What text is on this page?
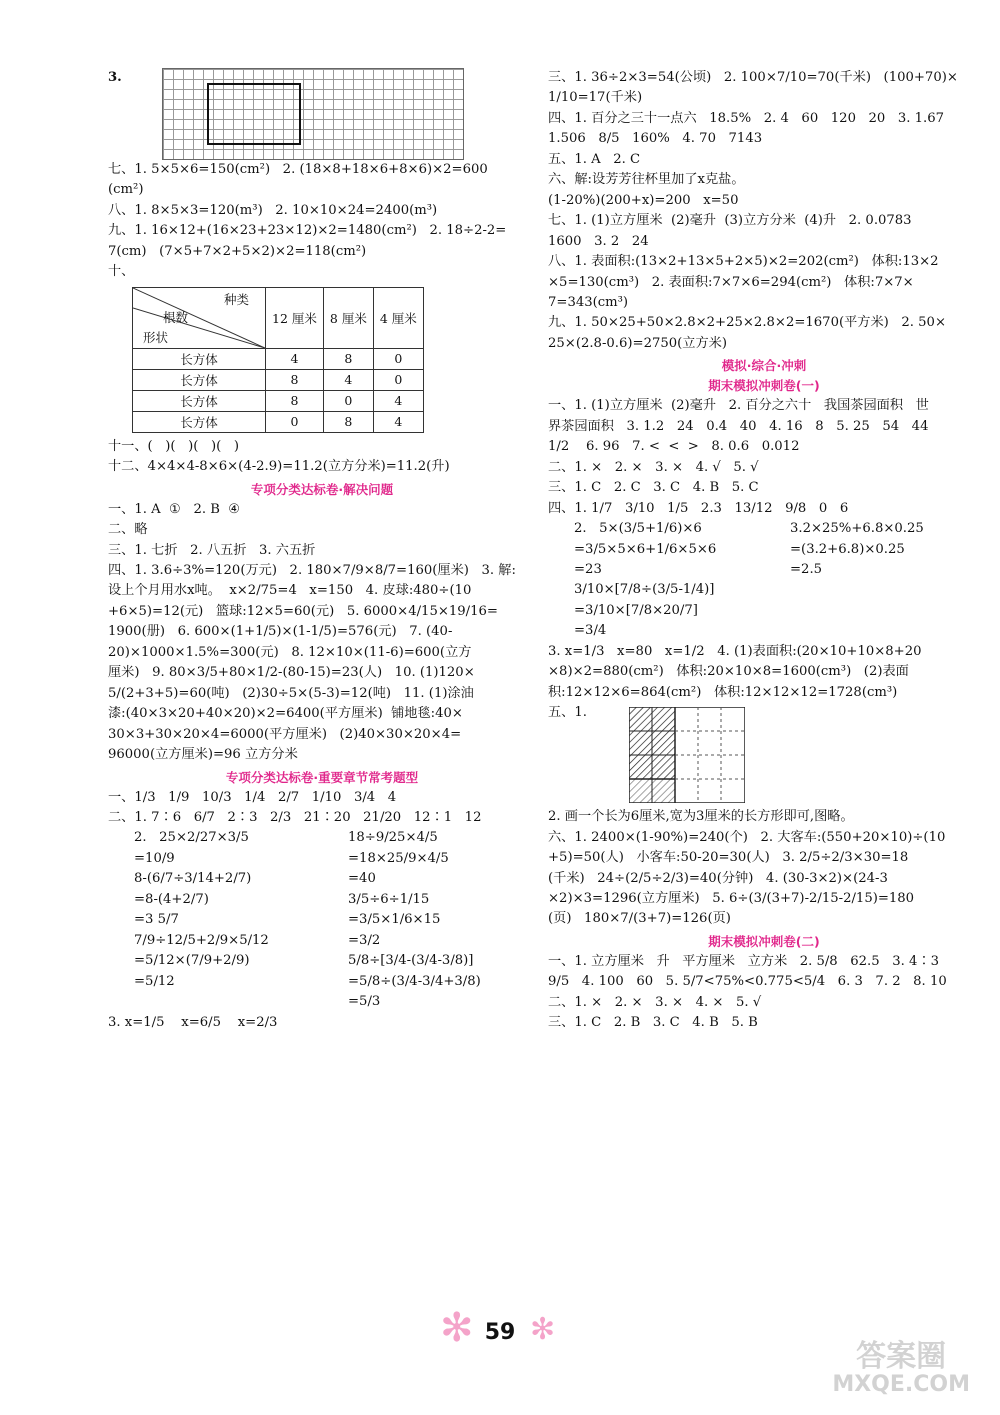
3.

七、1. 5×5×6=150(cm²)   2. (18×8+18×6+8×6)×2=600

(cm²)

八、1. 8×5×3=120(m³)   2. 10×10×24=2400(m³)

九、1. 16×12+(16×23+23×12)×2=1480(cm²)   2. 18÷2-2=

7(cm)   (7×5+7×2+5×2)×2=118(cm²)

十、

种类
根数
形状	12 厘米	8 厘米	4 厘米
长方体	4	8	0
长方体	8	4	0
长方体	8	0	4
长方体	0	8	4

十一、(   )(   )(   )(   )

十二、4×4×4-8×6×(4-2.9)=11.2(立方分米)=11.2(升)

专项分类达标卷·解决问题

一、1. A  ①   2. B  ④

二、略

三、1. 七折   2. 八五折   3. 六五折

四、1. 3.6÷3%=120(万元)   2. 180×7/9×8/7=160(厘米)   3. 解:

设上个月用水x吨。  x×2/75=4   x=150   4. 皮球:480÷(10

+6×5)=12(元)   篮球:12×5=60(元)   5. 6000×4/15×19/16=

1900(册)   6. 600×(1+1/5)×(1-1/5)=576(元)   7. (40-

20)×1000×1.5%=300(元)   8. 12×10×(11-6)=600(立方

厘米)   9. 80×3/5+80×1/2-(80-15)=23(人)   10. (1)120×

5/(2+3+5)=60(吨)   (2)30÷5×(5-3)=12(吨)   11. (1)涂油

漆:(40×3×20+40×20)×2=6400(平方厘米)  铺地毯:40×

30×3+30×20×4=6000(平方厘米)   (2)40×30×20×4=

96000(立方厘米)=96 立方分米

专项分类达标卷·重要章节常考题型

一、1/3   1/9   10/3   1/4   2/7   1/10   3/4   4

二、1. 7∶6   6/7   2∶3   2/3   21∶20   21/20   12∶1   12

2.   25×2/27×3/5

=10/9

8-(6/7÷3/14+2/7)

=8-(4+2/7)

=3 5/7

7/9÷12/5+2/9×5/12

=5/12×(7/9+2/9)

=5/12

18÷9/25×4/5

=18×25/9×4/5

=40

3/5÷6÷1/15

=3/5×1/6×15

=3/2

5/8÷[3/4-(3/4-3/8)]

=5/8÷(3/4-3/4+3/8)

=5/3

3. x=1/5    x=6/5    x=2/3

三、1. 36÷2×3=54(公顷)   2. 100×7/10=70(千米)   (100+70)×

1/10=17(千米)

四、1. 百分之三十一点六   18.5%   2. 4   60   120   20   3. 1.67

1.506   8/5   160%   4. 70   7143

五、1. A   2. C

六、解:设芳芳往杯里加了x克盐。

(1-20%)(200+x)=200   x=50

七、1. (1)立方厘米  (2)毫升  (3)立方分米  (4)升   2. 0.0783

1600   3. 2   24

八、1. 表面积:(13×2+13×5+2×5)×2=202(cm²)   体积:13×2

×5=130(cm³)   2. 表面积:7×7×6=294(cm²)   体积:7×7×

7=343(cm³)

九、1. 50×25+50×2.8×2+25×2.8×2=1670(平方米)   2. 50×

25×(2.8-0.6)=2750(立方米)

模拟·综合·冲刺

期末模拟冲刺卷(一)

一、1. (1)立方厘米  (2)毫升   2. 百分之六十   我国茶园面积   世

界茶园面积   3. 1.2   24   0.4   40   4. 16   8   5. 25   54   44

1/2    6. 96   7. <  <  >   8. 0.6   0.012

二、1. ×   2. ×   3. ×   4. √   5. √

三、1. C   2. C   3. C   4. B   5. C

四、1. 1/7   3/10   1/5   2.3   13/12   9/8   0   6

2.   5×(3/5+1/6)×6

=3/5×5×6+1/6×5×6

=23

3/10×[7/8÷(3/5-1/4)]

=3/10×[7/8×20/7]

=3/4

3.2×25%+6.8×0.25

=(3.2+6.8)×0.25

=2.5

3. x=1/3   x=80   x=1/2   4. (1)表面积:(20×10+10×8+20

×8)×2=880(cm²)   体积:20×10×8=1600(cm³)   (2)表面

积:12×12×6=864(cm²)   体积:12×12×12=1728(cm³)

五、1.

2. 画一个长为6厘米,宽为3厘米的长方形即可,图略。

六、1. 2400×(1-90%)=240(个)   2. 大客车:(550+20×10)÷(10

+5)=50(人)   小客车:50-20=30(人)   3. 2/5÷2/3×30=18

(千米)   24÷(2/5÷2/3)=40(分钟)   4. (30-3×2)×(24-3

×2)×3=1296(立方厘米)   5. 6÷(3/(3+7)-2/15-2/15)=180

(页)   180×7/(3+7)=126(页)

期末模拟冲刺卷(二)

一、1. 立方厘米   升   平方厘米   立方米   2. 5/8   62.5   3. 4∶3

9/5   4. 100   60   5. 5/7<75%<0.775<5/4   6. 3   7. 2   8. 10

二、1. ×   2. ×   3. ×   4. ×   5. √

三、1. C   2. B   3. C   4. B   5. B

✻ ✻
59
答案圈
MXQE.COM
